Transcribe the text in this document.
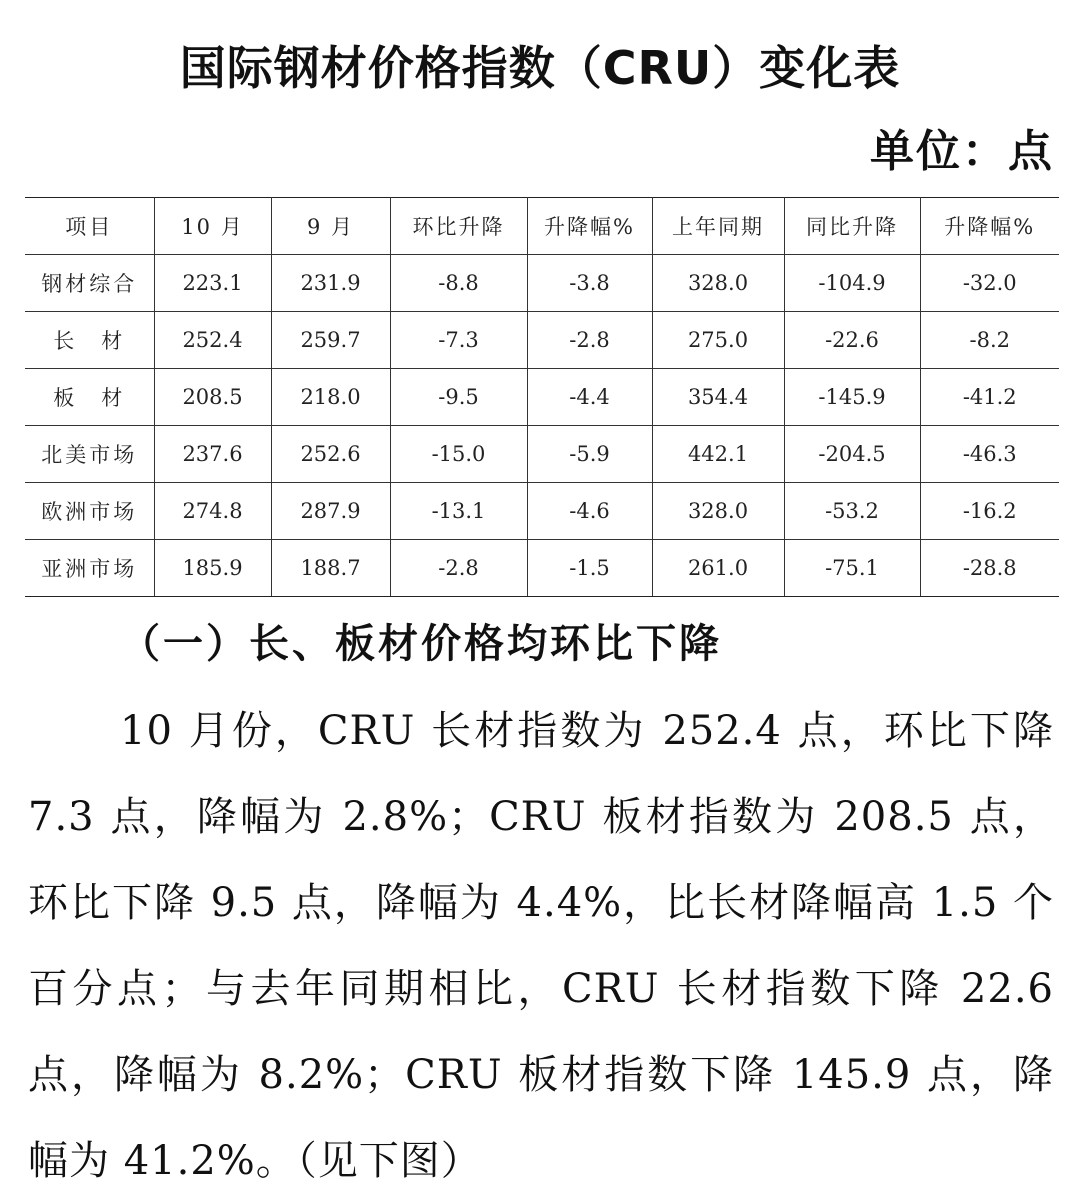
国际钢材价格指数（CRU）变化表
单位：点
项目	10 月	9 月	环比升降	升降幅%	上年同期	同比升降	升降幅%
钢材综合	223.1	231.9	-8.8	-3.8	328.0	-104.9	-32.0
长　材	252.4	259.7	-7.3	-2.8	275.0	-22.6	-8.2
板　材	208.5	218.0	-9.5	-4.4	354.4	-145.9	-41.2
北美市场	237.6	252.6	-15.0	-5.9	442.1	-204.5	-46.3
欧洲市场	274.8	287.9	-13.1	-4.6	328.0	-53.2	-16.2
亚洲市场	185.9	188.7	-2.8	-1.5	261.0	-75.1	-28.8
（一）长、板材价格均环比下降

10 月份，CRU 长材指数为 252.4 点，环比下降 7.3 点，降幅为 2.8%；CRU 板材指数为 208.5 点，环比下降 9.5 点，降幅为 4.4%，比长材降幅高 1.5 个百分点；与去年同期相比，CRU 长材指数下降 22.6 点，降幅为 8.2%；CRU 板材指数下降 145.9 点，降幅为 41.2%。（见下图）
